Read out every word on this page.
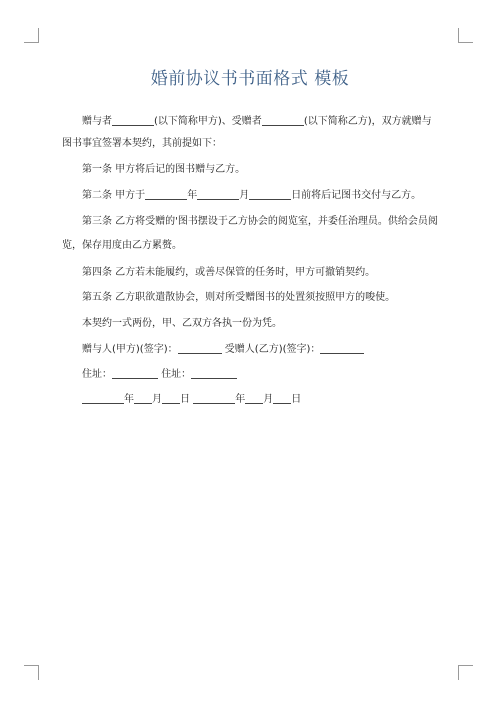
婚前协议书书面格式 模板
赠与者	(以下简称甲方)、受赠者	(以下简称乙方)，双方就赠与
图书事宜签署本契约，其前提如下：
第一条 甲方将后记的图书赠与乙方。
第二条 甲方于	年	月	日前将后记图书交付与乙方。
第三条 乙方将受赠的'图书摆设于乙方协会的阅览室，并委任治理员。供给会员阅
览，保存用度由乙方累赘。
第四条 乙方若未能履约，或善尽保管的任务时，甲方可撤销契约。
第五条 乙方职欲遣散协会，则对所受赠图书的处置须按照甲方的唆使。
本契约一式两份，甲、乙双方各执一份为凭。
赠与人(甲方)(签字)：	受赠人(乙方)(签字)：
住址：	住址：
年 月 日	年 月 日
